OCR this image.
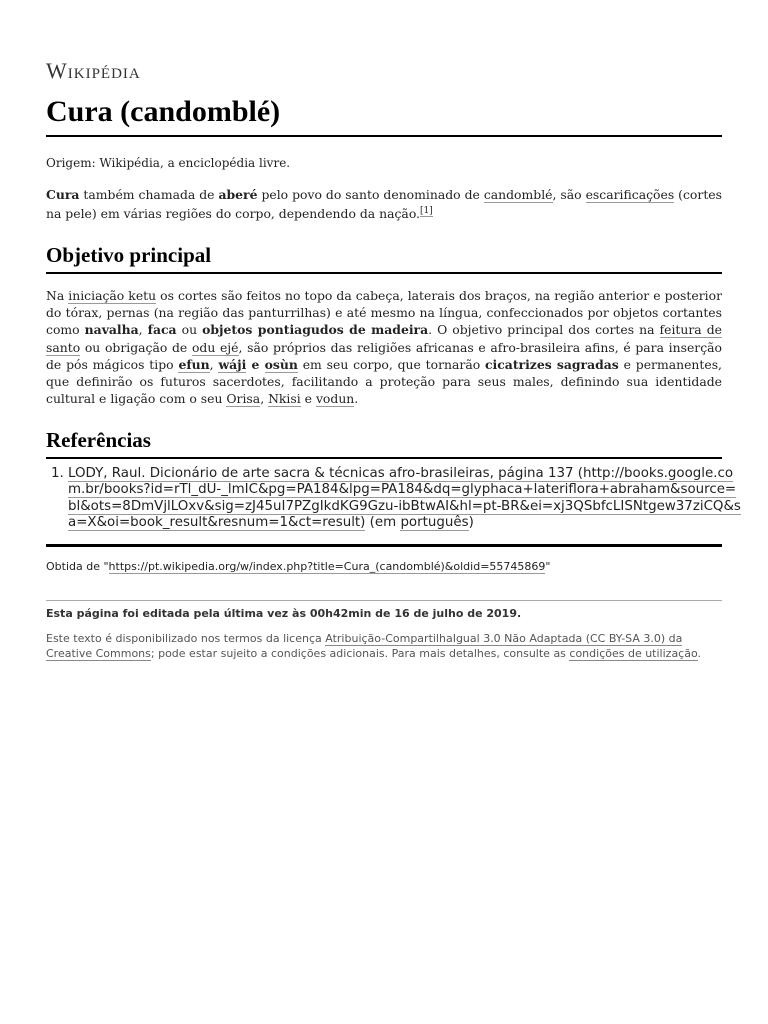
Wikipédia
Cura (candomblé)
Origem: Wikipédia, a enciclopédia livre.

Cura também chamada de aberé pelo povo do santo denominado de candomblé, são escarificações (cortes na pele) em várias regiões do corpo, dependendo da nação.[1]

Objetivo principal

Na iniciação ketu os cortes são feitos no topo da cabeça, laterais dos braços, na região anterior e posterior do tórax, pernas (na região das panturrilhas) e até mesmo na língua, confeccionados por objetos cortantes como navalha, faca ou objetos pontiagudos de madeira. O objetivo principal dos cortes na feitura de santo ou obrigação de odu ejé, são próprios das religiões africanas e afro-brasileira afins, é para inserção de pós mágicos tipo efun, wáji e osùn em seu corpo, que tornarão cicatrizes sagradas e permanentes, que definirão os futuros sacerdotes, facilitando a proteção para seus males, definindo sua identidade cultural e ligação com o seu Orisa, Nkisi e vodun.

Referências
1. LODY, Raul. Dicionário de arte sacra & técnicas afro-brasileiras, página 137 (http://books.google.com.br/books?id=rTl_dU-_lmIC&pg=PA184&lpg=PA184&dq=glyphaca+lateriflora+abraham&source=bl&ots=8DmVjlLOxv&sig=zJ45uI7PZgIkdKG9Gzu-ibBtwAI&hl=pt-BR&ei=xj3QSbfcLISNtgew37ziCQ&sa=X&oi=book_result&resnum=1&ct=result) (em português)
Obtida de "https://pt.wikipedia.org/w/index.php?title=Cura_(candomblé)&oldid=55745869"
Esta página foi editada pela última vez às 00h42min de 16 de julho de 2019.
Este texto é disponibilizado nos termos da licença Atribuição-CompartilhaIgual 3.0 Não Adaptada (CC BY-SA 3.0) da Creative Commons; pode estar sujeito a condições adicionais. Para mais detalhes, consulte as condições de utilização.
